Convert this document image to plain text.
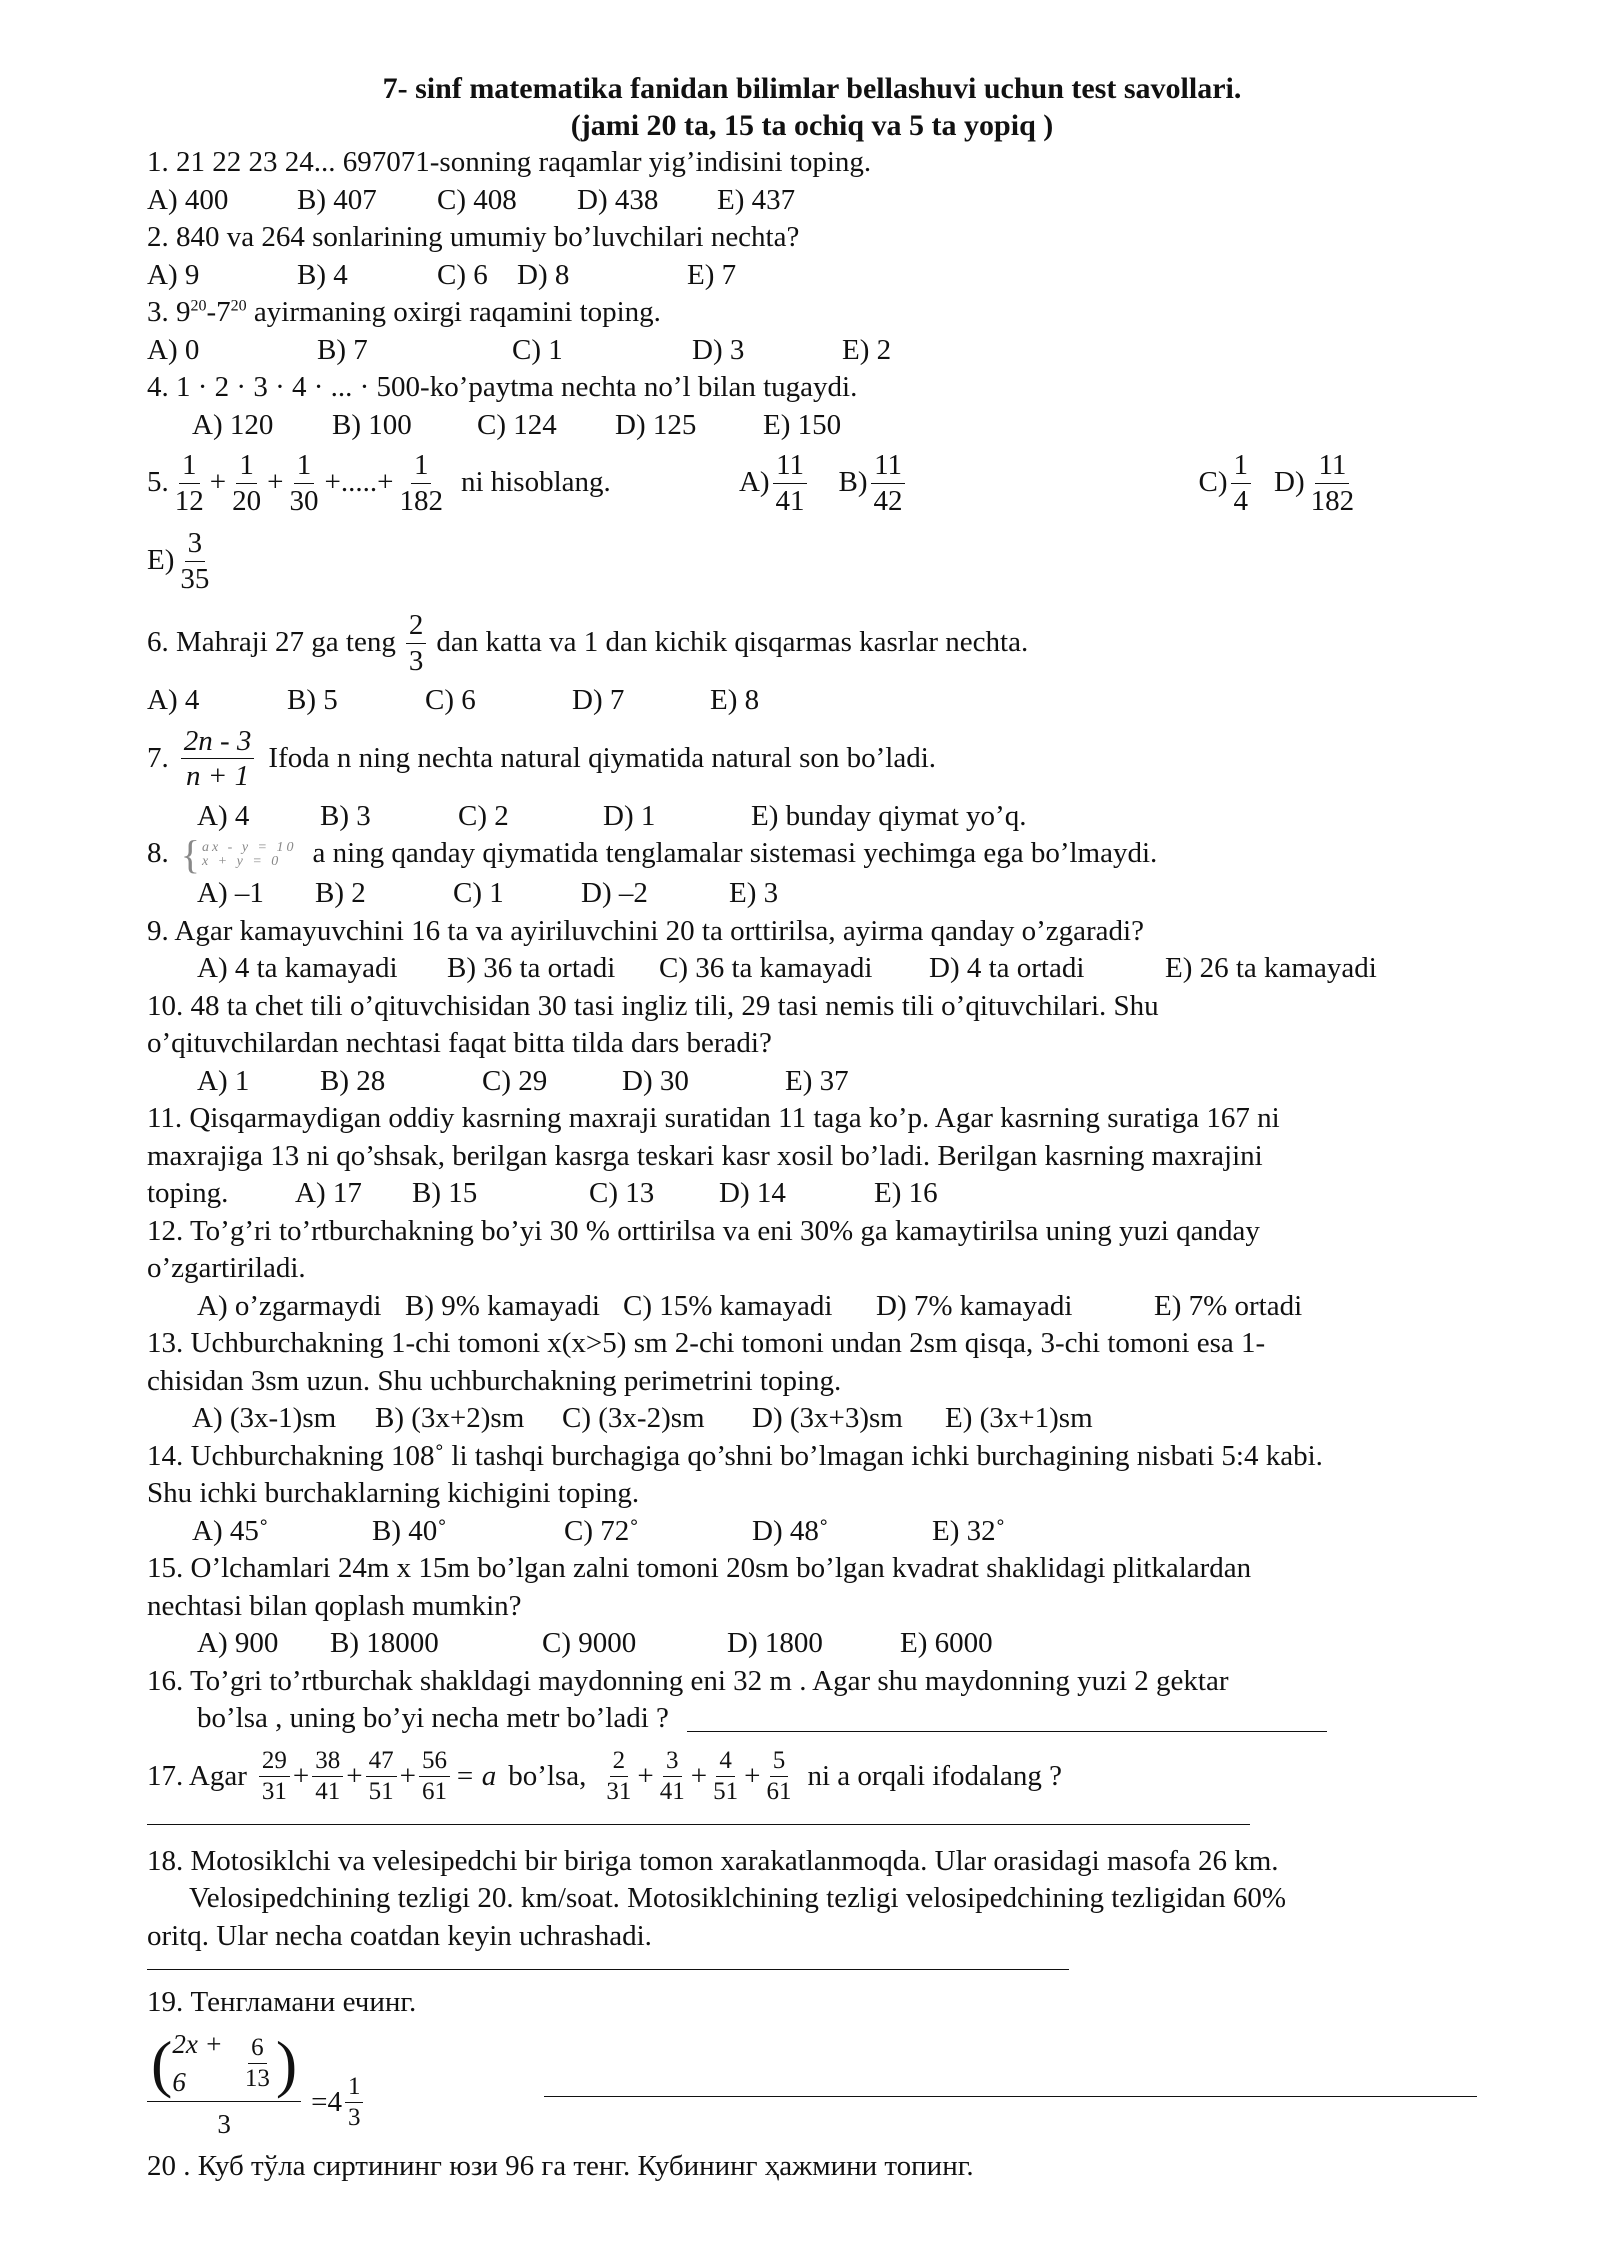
7- sinf matematika fanidan bilimlar bellashuvi uchun test savollari.
(jami 20 ta, 15 ta ochiq va 5 ta yopiq )
1. 21 22 23 24... 697071-sonning raqamlar yig’indisini toping.
A) 400 B) 407 C) 408 D) 438 E) 437
2. 840 va 264 sonlarining umumiy bo’luvchilari nechta?
A) 9	B) 4	C) 6 D) 8	E) 7
3. $9^{20}-7^{20}$ ayirmaning oxirgi raqamini toping.
A) 0	B) 7	C) 1	D) 3	E) 2
4. 1 · 2 · 3 · 4 · ... · 500-ko’paytma nechta no’l bilan tugaydi.
A) 120 B) 100 C) 124 D) 125 E) 150
5. $\frac{1}{12} + \frac{1}{20} + \frac{1}{30}$ +.....+ $\frac{1}{182}$ ni hisoblang.	$A) \frac{11}{41} B) \frac{11}{42}$	$C) \frac{1}{4} D) \frac{11}{182}$
$E) \frac{3}{35}$
6. Mahraji 27 ga teng $\frac{2}{3}$ dan katta va 1 dan kichik qisqarmas kasrlar nechta.
A) 4	B) 5	C) 6	D) 7	E) 8
7. $\frac{2n - 3}{n + 1}$ Ifoda n ning nechta natural qiymatida natural son bo’ladi.
A) 4 B) 3	C) 2	D) 1	E) bunday qiymat yo’q.
8. { ax - y = 10
x + y = 0	a ning qanday qiymatida tenglamalar sistemasi yechimga ega bo’lmaydi.
A) –1 B) 2	C) 1	D) –2	E) 3
9. Agar kamayuvchini 16 ta va ayiriluvchini 20 ta orttirilsa, ayirma qanday o’zgaradi?
A) 4 ta kamayadi B) 36 ta ortadi C) 36 ta kamayadi D) 4 ta ortadi	E) 26 ta kamayadi
10. 48 ta chet tili o’qituvchisidan 30 tasi ingliz tili, 29 tasi nemis tili o’qituvchilari. Shu
o’qituvchilardan nechtasi faqat bitta tilda dars beradi?
A) 1 B) 28	C) 29	D) 30	E) 37
11. Qisqarmaydigan oddiy kasrning maxraji suratidan 11 taga ko’p. Agar kasrning suratiga 167 ni
maxrajiga 13 ni qo’shsak, berilgan kasrga teskari kasr xosil bo’ladi. Berilgan kasrning maxrajini
toping. A) 17 B) 15	C) 13 D) 14	E) 16
12. To’g’ri to’rtburchakning bo’yi 30 % orttirilsa va eni 30% ga kamaytirilsa uning yuzi qanday
o’zgartiriladi.
A) o’zgarmaydi B) 9% kamayadi C) 15% kamayadi D) 7% kamayadi	E) 7% ortadi
13. Uchburchakning 1-chi tomoni x(x>5) sm 2-chi tomoni undan 2sm qisqa, 3-chi tomoni esa 1-
chisidan 3sm uzun. Shu uchburchakning perimetrini toping.
A) (3x-1)sm B) (3x+2)sm C) (3x-2)sm D) (3x+3)sm E) (3x+1)sm
14. Uchburchakning 108˚ li tashqi burchagiga qo’shni bo’lmagan ichki burchagining nisbati 5:4 kabi.
Shu ichki burchaklarning kichigini toping.
A) 45˚	B) 40˚	C) 72˚	D) 48˚	E) 32˚
15. O’lchamlari 24m x 15m bo’lgan zalni tomoni 20sm bo’lgan kvadrat shaklidagi plitkalardan
nechtasi bilan qoplash mumkin?
A) 900 B) 18000	C) 9000	D) 1800	E) 6000
16. To’gri to’rtburchak shakldagi maydonning eni 32 m . Agar shu maydonning yuzi 2 gektar
bo’lsa , uning bo’yi necha metr bo’ladi ?
17. Agar $\frac{29}{31} + \frac{38}{41} + \frac{47}{51} + \frac{56}{61} = a$ bo’lsa, $\frac{2}{31} + \frac{3}{41} + \frac{4}{51} + \frac{5}{61}$ ni a orqali ifodalang ?
18. Motosiklchi va velesipedchi bir biriga tomon xarakatlanmoqda. Ular orasidagi masofa 26 km.
Velosipedchining tezligi 20. km/soat. Motosiklchining tezligi velosipedchining tezligidan 60%
oritq. Ular necha coatdan keyin uchrashadi.
19. Тенгламани ечинг.
( 2x + 6	$\frac{6}{13}$ )
$3 =4 \frac{1}{3}$
20 . Куб тўла сиртининг юзи 96 га тенг. Кубининг ҳажмини топинг.
